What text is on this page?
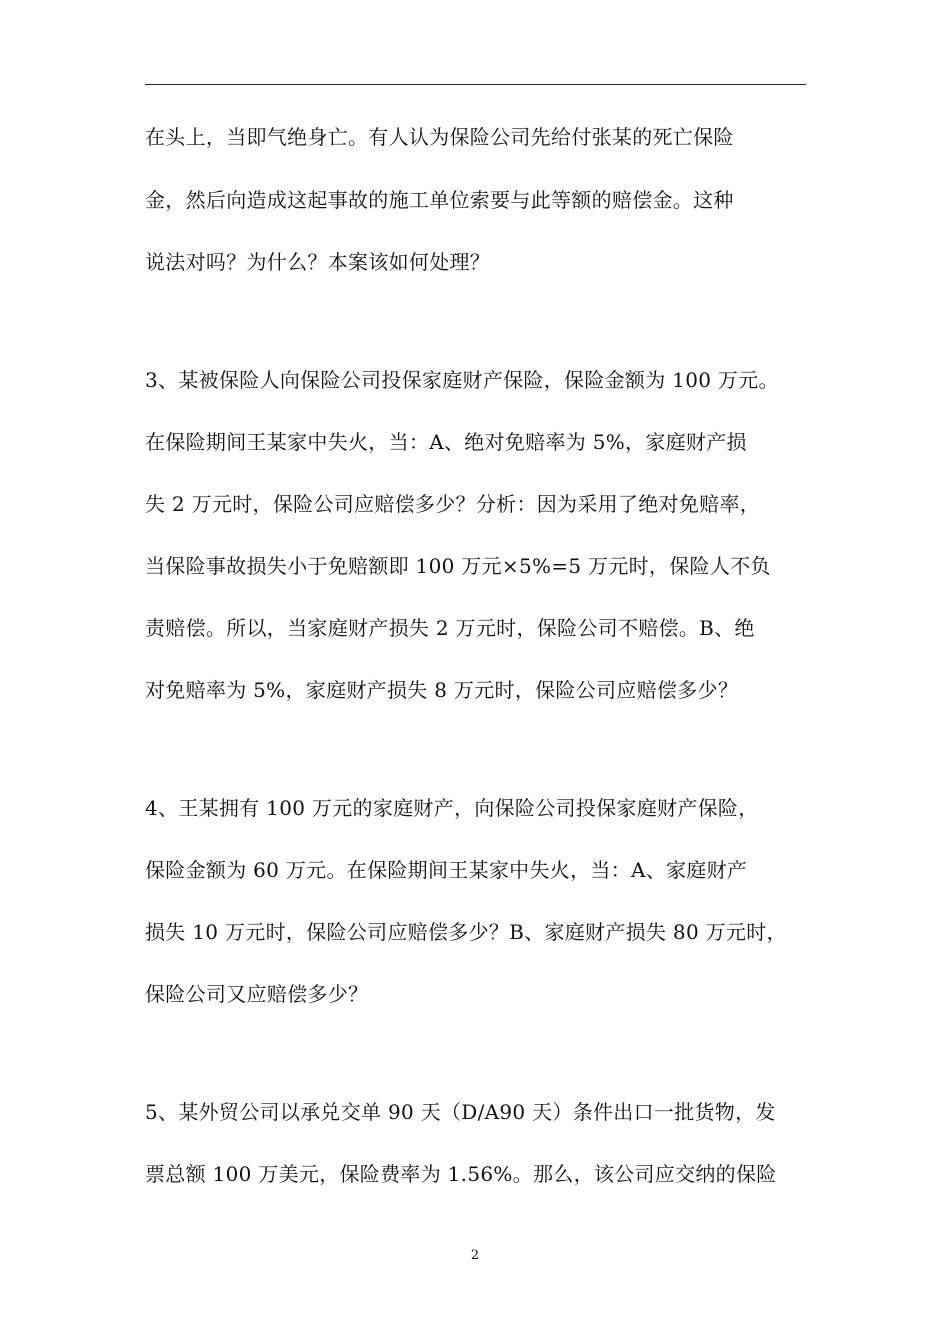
在头上，当即气绝身亡。有人认为保险公司先给付张某的死亡保险
金，然后向造成这起事故的施工单位索要与此等额的赔偿金。这种
说法对吗？为什么？本案该如何处理？
3、某被保险人向保险公司投保家庭财产保险，保险金额为 100 万元。
在保险期间王某家中失火，当：A、绝对免赔率为 5%，家庭财产损
失 2 万元时，保险公司应赔偿多少？分析：因为采用了绝对免赔率，
当保险事故损失小于免赔额即 100 万元×5%=5 万元时，保险人不负
责赔偿。所以，当家庭财产损失 2 万元时，保险公司不赔偿。B、绝
对免赔率为 5%，家庭财产损失 8 万元时，保险公司应赔偿多少？
4、王某拥有 100 万元的家庭财产，向保险公司投保家庭财产保险，
保险金额为 60 万元。在保险期间王某家中失火，当：A、家庭财产
损失 10 万元时，保险公司应赔偿多少？B、家庭财产损失 80 万元时，
保险公司又应赔偿多少？
5、某外贸公司以承兑交单 90 天（D/A90 天）条件出口一批货物，发
票总额 100 万美元，保险费率为 1.56%。那么，该公司应交纳的保险
2
